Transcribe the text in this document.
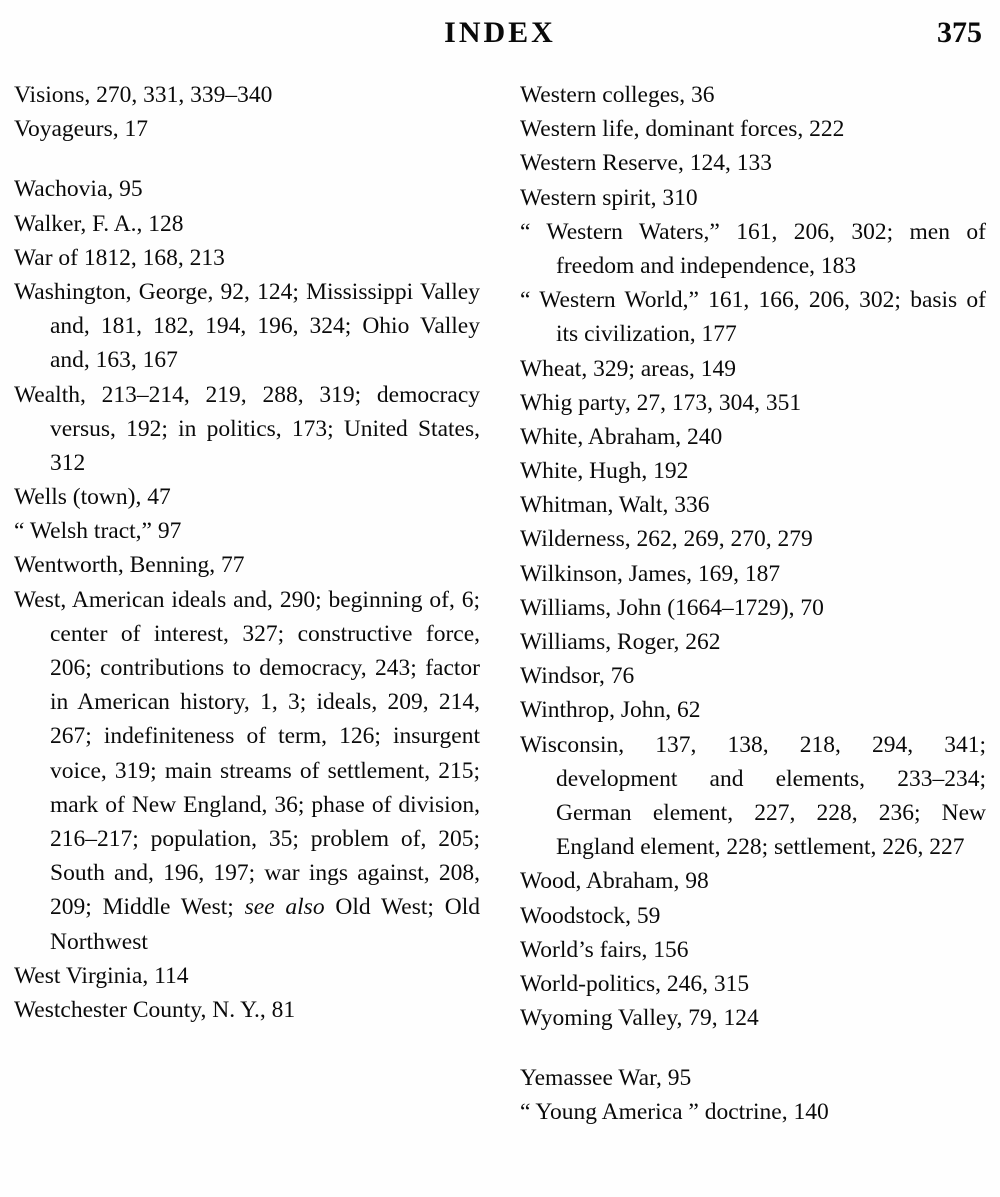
INDEX	375

Visions, 270, 331, 339–340

Voyageurs, 17

Wachovia, 95

Walker, F. A., 128

War of 1812, 168, 213

Washington, George, 92, 124; Mississippi Valley and, 181, 182, 194, 196, 324; Ohio Valley and, 163, 167

Wealth, 213–214, 219, 288, 319; democracy versus, 192; in politics, 173; United States, 312

Wells (town), 47

“ Welsh tract,” 97

Wentworth, Benning, 77

West, American ideals and, 290; beginning of, 6; center of interest, 327; constructive force, 206; contributions to democracy, 243; factor in American history, 1, 3; ideals, 209, 214, 267; indefiniteness of term, 126; insurgent voice, 319; main streams of settlement, 215; mark of New England, 36; phase of division, 216–217; population, 35; problem of, 205; South and, 196, 197; war ings against, 208, 209; Middle West; see also Old West; Old Northwest

West Virginia, 114

Westchester County, N. Y., 81

Western colleges, 36

Western life, dominant forces, 222

Western Reserve, 124, 133

Western spirit, 310

“ Western Waters,” 161, 206, 302; men of freedom and independence, 183

“ Western World,” 161, 166, 206, 302; basis of its civilization, 177

Wheat, 329; areas, 149

Whig party, 27, 173, 304, 351

White, Abraham, 240

White, Hugh, 192

Whitman, Walt, 336

Wilderness, 262, 269, 270, 279

Wilkinson, James, 169, 187

Williams, John (1664–1729), 70

Williams, Roger, 262

Windsor, 76

Winthrop, John, 62

Wisconsin, 137, 138, 218, 294, 341; development and elements, 233–234; German element, 227, 228, 236; New England element, 228; settlement, 226, 227

Wood, Abraham, 98

Woodstock, 59

World’s fairs, 156

World-politics, 246, 315

Wyoming Valley, 79, 124

Yemassee War, 95

“ Young America ” doctrine, 140
